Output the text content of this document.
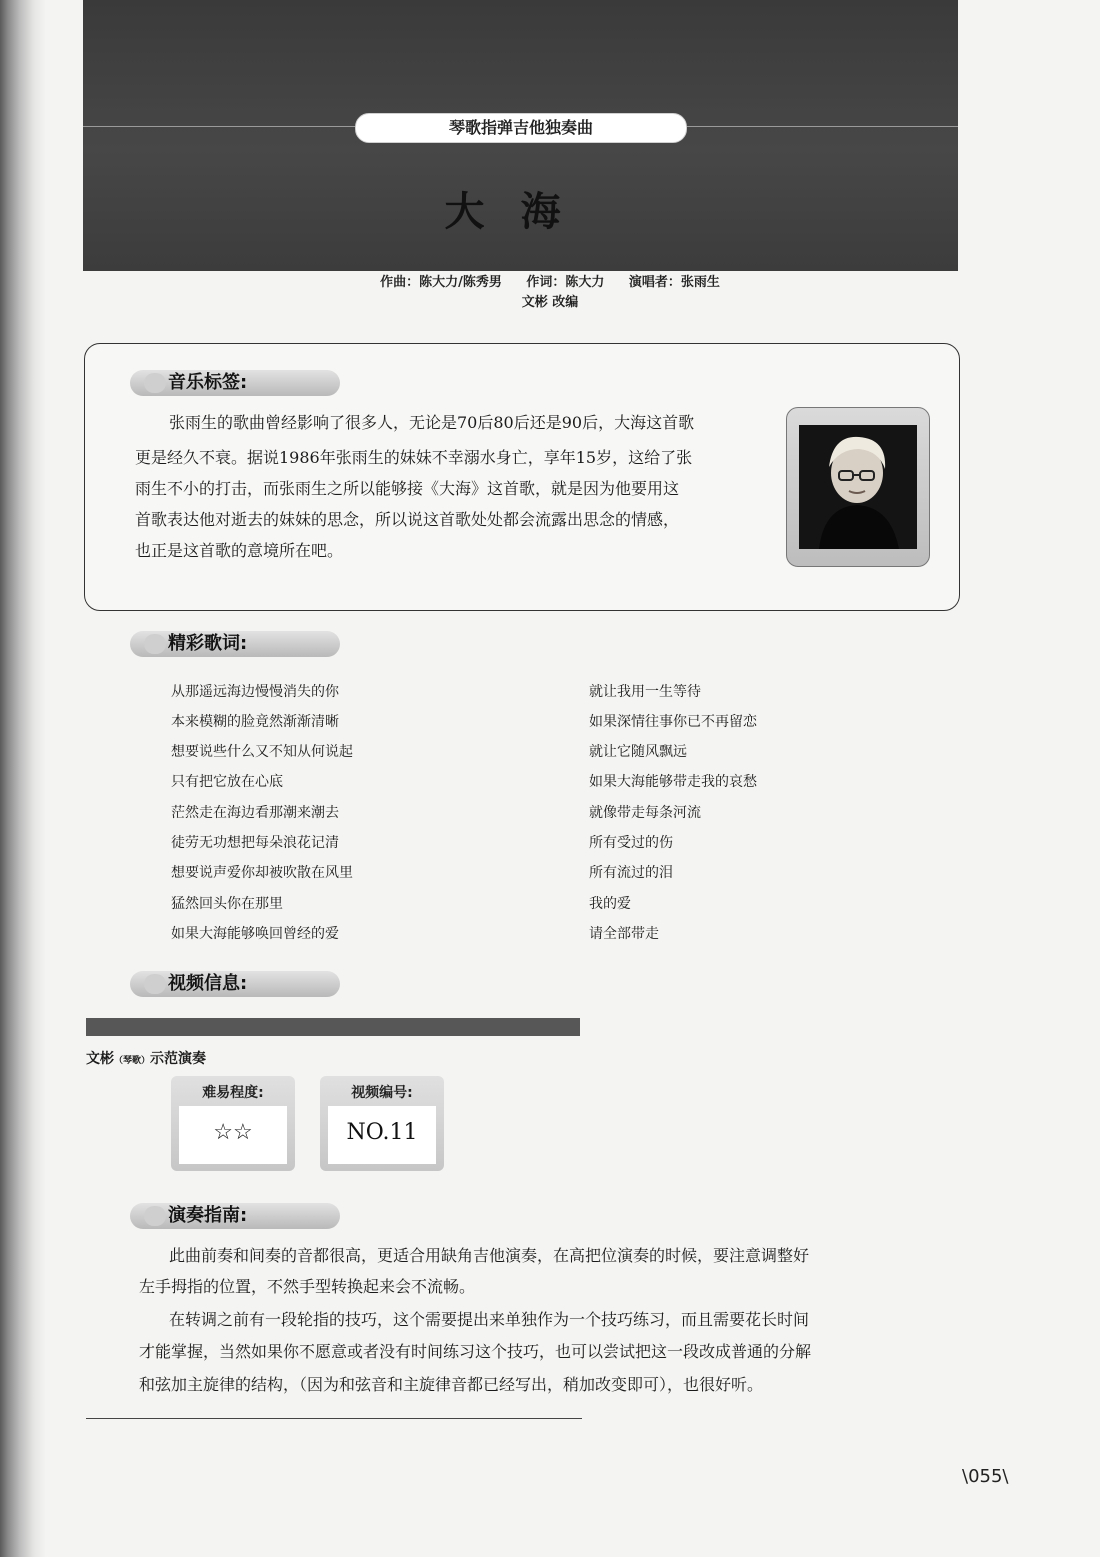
琴歌指弹吉他独奏曲
大海
作曲：陈大力/陈秀男 作词：陈大力 演唱者：张雨生
文彬 改编
音乐标签:
张雨生的歌曲曾经影响了很多人，无论是70后80后还是90后，大海这首歌
更是经久不衰。据说1986年张雨生的妹妹不幸溺水身亡，享年15岁，这给了张
雨生不小的打击，而张雨生之所以能够接《大海》这首歌，就是因为他要用这
首歌表达他对逝去的妹妹的思念，所以说这首歌处处都会流露出思念的情感，
也正是这首歌的意境所在吧。
精彩歌词:
从那遥远海边慢慢消失的你
本来模糊的脸竟然渐渐清晰
想要说些什么又不知从何说起
只有把它放在心底
茫然走在海边看那潮来潮去
徒劳无功想把每朵浪花记清
想要说声爱你却被吹散在风里
猛然回头你在那里
如果大海能够唤回曾经的爱
就让我用一生等待
如果深情往事你已不再留恋
就让它随风飘远
如果大海能够带走我的哀愁
就像带走每条河流
所有受过的伤
所有流过的泪
我的爱
请全部带走
视频信息:
文彬（琴歌）示范演奏
难易程度:
☆☆
视频编号:
NO.11
演奏指南:
此曲前奏和间奏的音都很高，更适合用缺角吉他演奏，在高把位演奏的时候，要注意调整好
左手拇指的位置，不然手型转换起来会不流畅。
在转调之前有一段轮指的技巧，这个需要提出来单独作为一个技巧练习，而且需要花长时间
才能掌握，当然如果你不愿意或者没有时间练习这个技巧，也可以尝试把这一段改成普通的分解
和弦加主旋律的结构，（因为和弦音和主旋律音都已经写出，稍加改变即可），也很好听。
\055\
